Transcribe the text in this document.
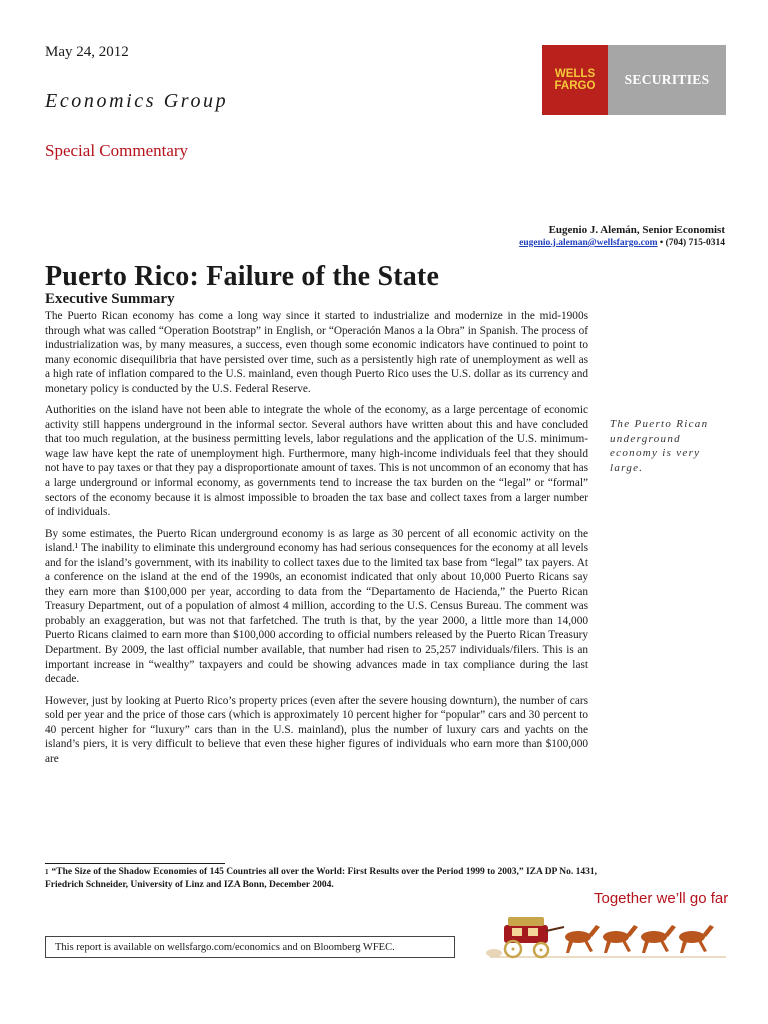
May 24, 2012
Economics Group
Special Commentary
WELLS
FARGO	SECURITIES
Eugenio J. Alemán, Senior Economist
eugenio.j.aleman@wellsfargo.com • (704) 715-0314
Puerto Rico: Failure of the State
Executive Summary

The Puerto Rican economy has come a long way since it started to industrialize and modernize in the mid-1900s through what was called “Operation Bootstrap” in English, or “Operación Manos a la Obra” in Spanish. The process of industrialization was, by many measures, a success, even though some economic indicators have continued to point to many economic disequilibria that have persisted over time, such as a persistently high rate of unemployment as well as a high rate of inflation compared to the U.S. mainland, even though Puerto Rico uses the U.S. dollar as its currency and monetary policy is conducted by the U.S. Federal Reserve.

Authorities on the island have not been able to integrate the whole of the economy, as a large percentage of economic activity still happens underground in the informal sector. Several authors have written about this and have concluded that too much regulation, at the business permitting levels, labor regulations and the application of the U.S. minimum-wage law have kept the rate of unemployment high. Furthermore, many high-income individuals feel that they should not have to pay taxes or that they pay a disproportionate amount of taxes. This is not uncommon of an economy that has a large underground or informal economy, as governments tend to increase the tax burden on the “legal” or “formal” sectors of the economy because it is almost impossible to broaden the tax base and collect taxes from a larger number of individuals.

By some estimates, the Puerto Rican underground economy is as large as 30 percent of all economic activity on the island.¹ The inability to eliminate this underground economy has had serious consequences for the economy at all levels and for the island’s government, with its inability to collect taxes due to the limited tax base from “legal” tax payers. At a conference on the island at the end of the 1990s, an economist indicated that only about 10,000 Puerto Ricans say they earn more than $100,000 per year, according to data from the “Departamento de Hacienda,” the Puerto Rican Treasury Department, out of a population of almost 4 million, according to the U.S. Census Bureau. The comment was probably an exaggeration, but was not that farfetched. The truth is that, by the year 2000, a little more than 14,000 Puerto Ricans claimed to earn more than $100,000 according to official numbers released by the Puerto Rican Treasury Department. By 2009, the last official number available, that number had risen to 25,257 individuals/filers. This is an important increase in “wealthy” taxpayers and could be showing advances made in tax compliance during the last decade.

However, just by looking at Puerto Rico’s property prices (even after the severe housing downturn), the number of cars sold per year and the price of those cars (which is approximately 10 percent higher for “popular” cars and 30 percent to 40 percent higher for “luxury” cars than in the U.S. mainland), plus the number of luxury cars and yachts on the island’s piers, it is very difficult to believe that even these higher figures of individuals who earn more than $100,000 are

The Puerto Rican underground economy is very large.
$^1$ “The Size of the Shadow Economies of 145 Countries all over the World: First Results over the Period 1999 to 2003,” IZA DP No. 1431, Friedrich Schneider, University of Linz and IZA Bonn, December 2004.
Together we’ll go far
This report is available on wellsfargo.com/economics and on Bloomberg WFEC.
